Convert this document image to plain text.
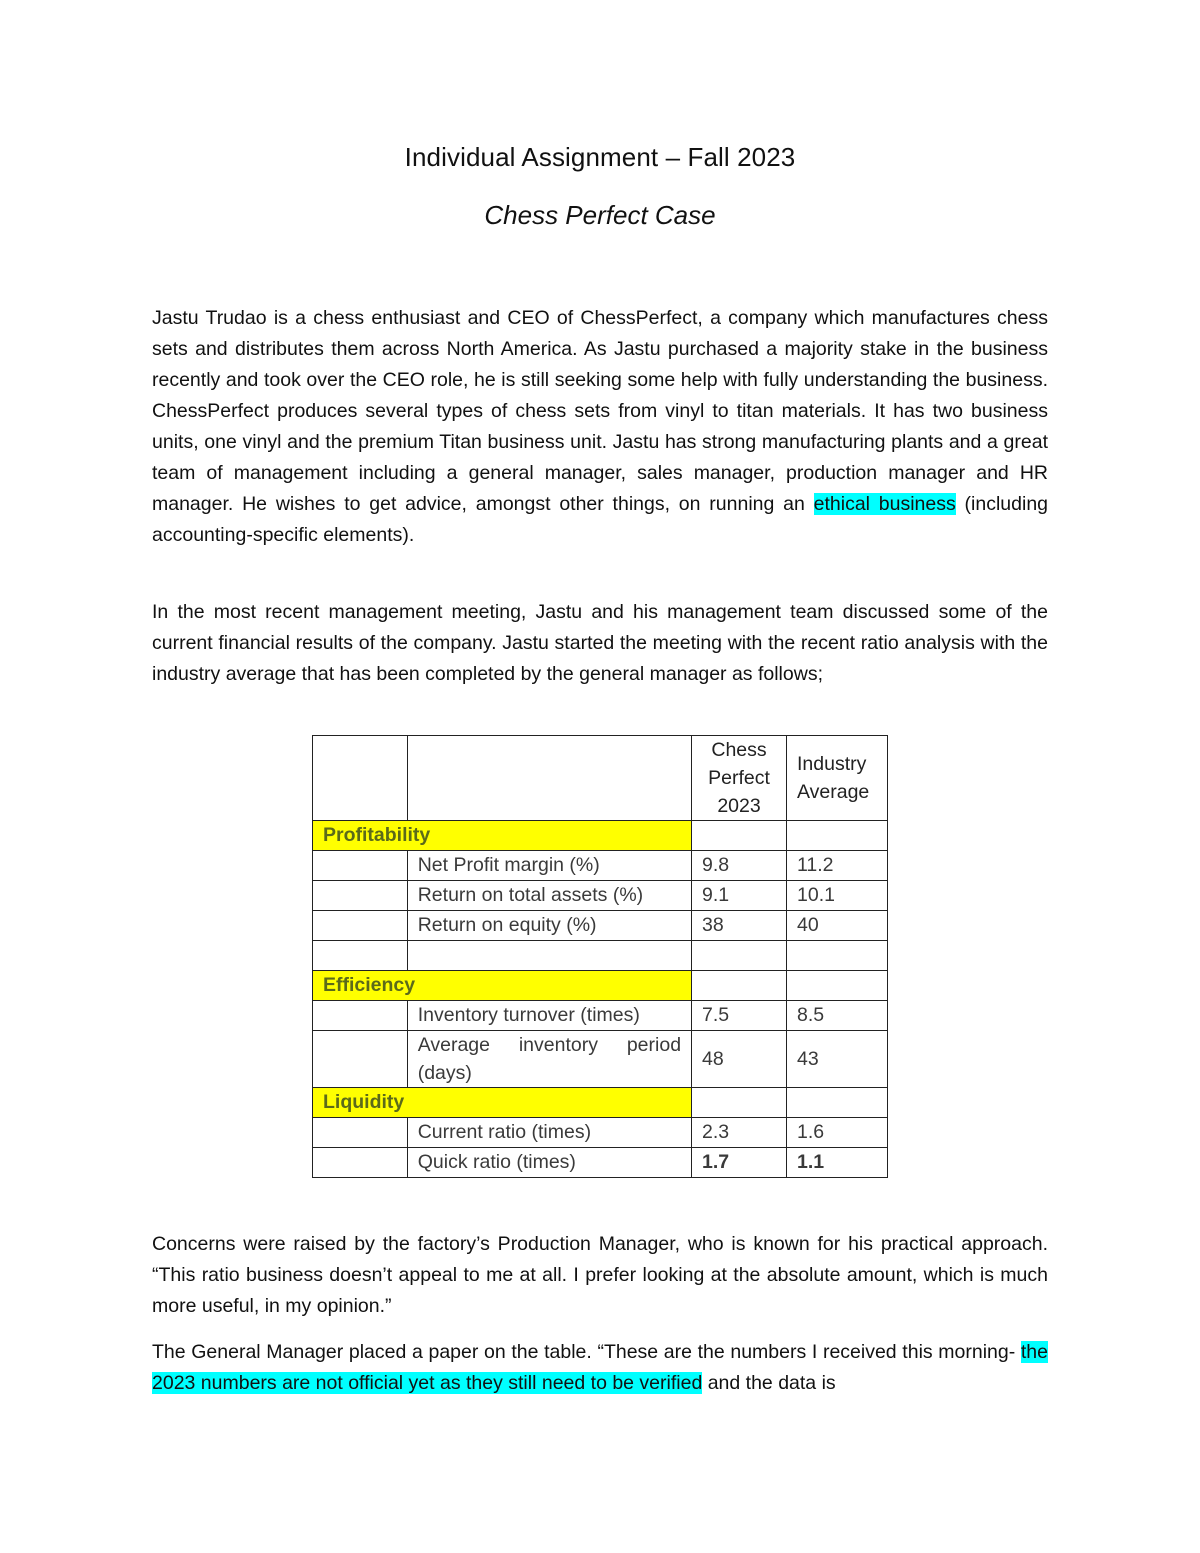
Individual Assignment – Fall 2023
Chess Perfect Case

Jastu Trudao is a chess enthusiast and CEO of ChessPerfect, a company which manufactures chess sets and distributes them across North America. As Jastu purchased a majority stake in the business recently and took over the CEO role, he is still seeking some help with fully understanding the business. ChessPerfect produces several types of chess sets from vinyl to titan materials. It has two business units, one vinyl and the premium Titan business unit. Jastu has strong manufacturing plants and a great team of management including a general manager, sales manager, production manager and HR manager. He wishes to get advice, amongst other things, on running an ethical business (including accounting-specific elements).

In the most recent management meeting, Jastu and his management team discussed some of the current financial results of the company. Jastu started the meeting with the recent ratio analysis with the industry average that has been completed by the general manager as follows;

		Chess Perfect 2023	Industry Average
Profitability			
	Net Profit margin (%)	9.8	11.2
	Return on total assets (%)	9.1	10.1
	Return on equity (%)	38	40

Efficiency			
	Inventory turnover (times)	7.5	8.5
	Average inventory period (days)	48	43
Liquidity			
	Current ratio (times)	2.3	1.6
	Quick ratio (times)	1.7	1.1

Concerns were raised by the factory’s Production Manager, who is known for his practical approach. “This ratio business doesn’t appeal to me at all. I prefer looking at the absolute amount, which is much more useful, in my opinion.”

The General Manager placed a paper on the table. “These are the numbers I received this morning- the 2023 numbers are not official yet as they still need to be verified and the data is
